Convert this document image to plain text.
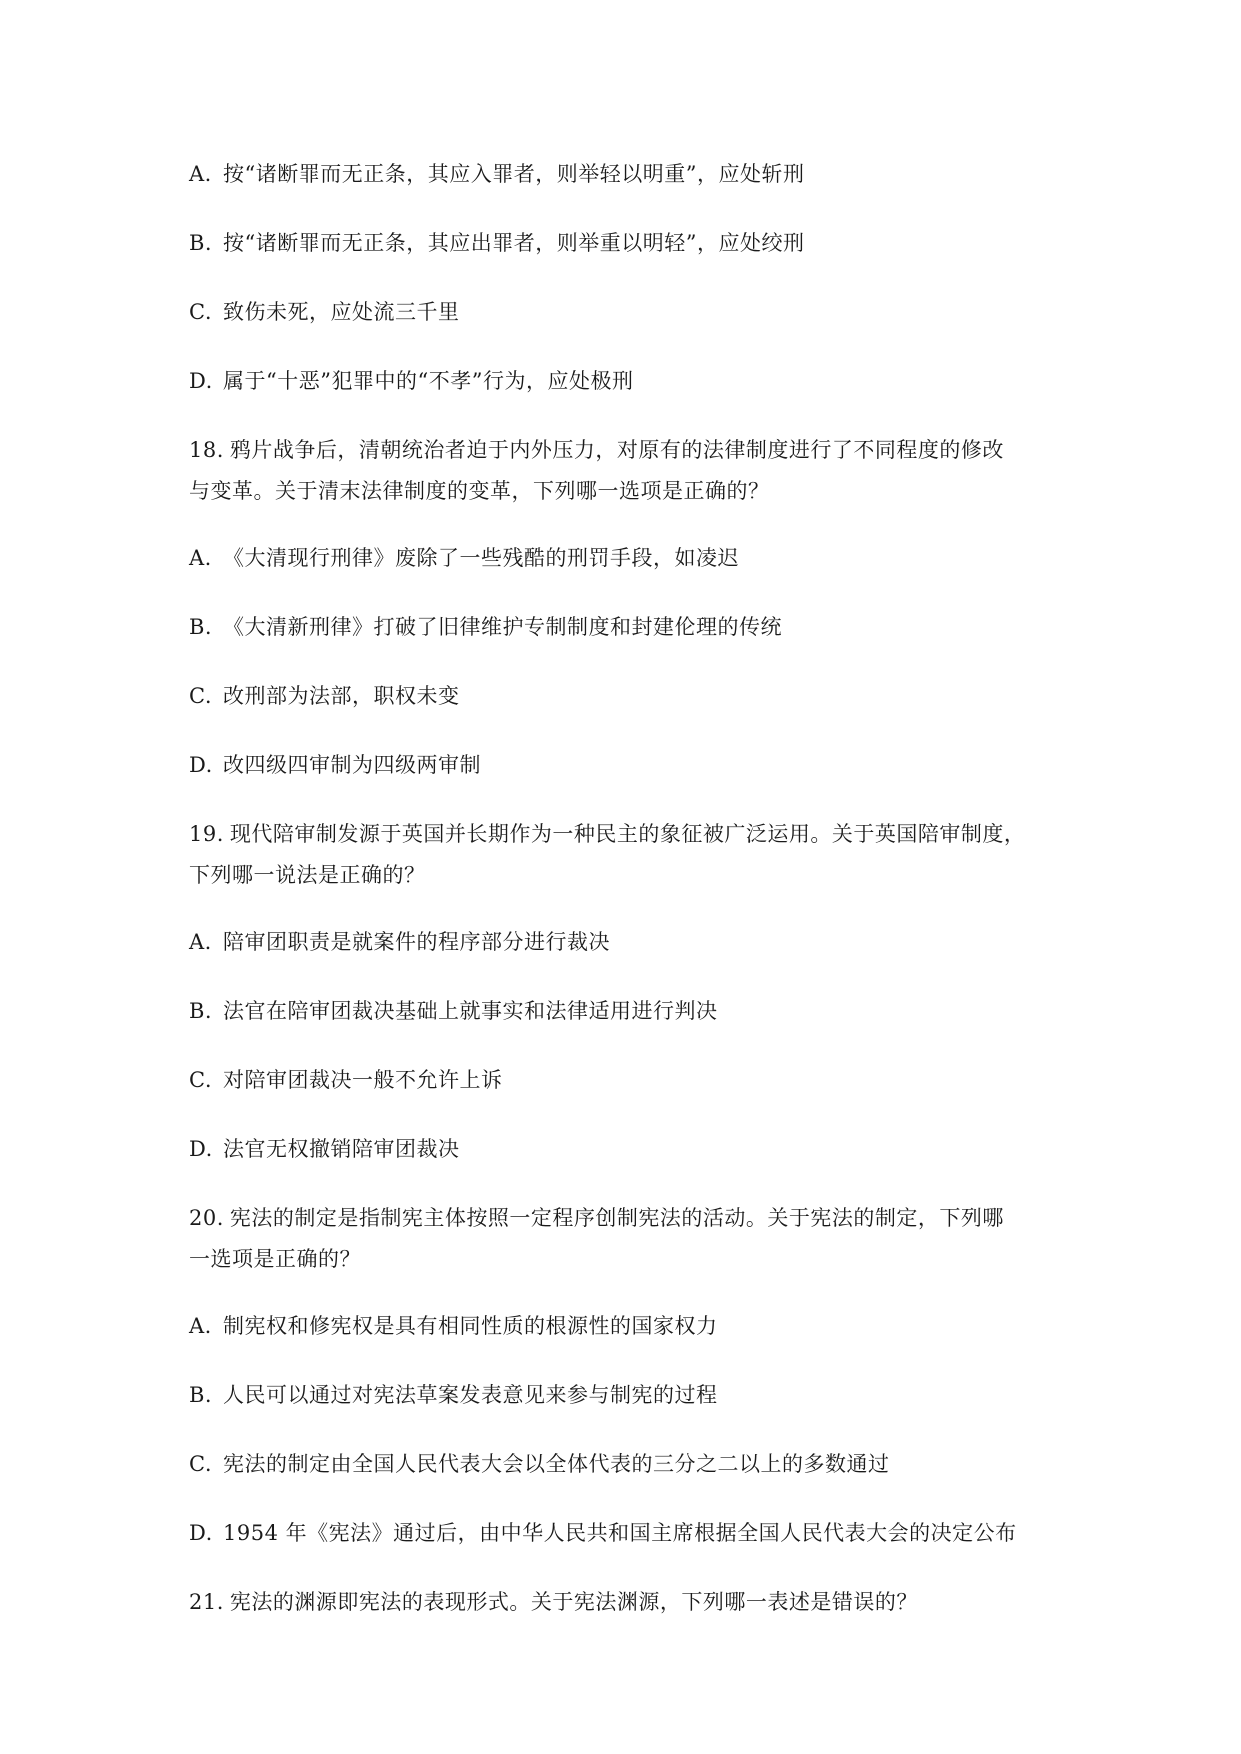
A. 按“诸断罪而无正条，其应入罪者，则举轻以明重”，应处斩刑
B. 按“诸断罪而无正条，其应出罪者，则举重以明轻”，应处绞刑
C. 致伤未死，应处流三千里
D. 属于“十恶”犯罪中的“不孝”行为，应处极刑
18. 鸦片战争后，清朝统治者迫于内外压力，对原有的法律制度进行了不同程度的修改
与变革。关于清末法律制度的变革，下列哪一选项是正确的？
A. 《大清现行刑律》废除了一些残酷的刑罚手段，如凌迟
B. 《大清新刑律》打破了旧律维护专制制度和封建伦理的传统
C. 改刑部为法部，职权未变
D. 改四级四审制为四级两审制
19. 现代陪审制发源于英国并长期作为一种民主的象征被广泛运用。关于英国陪审制度，
下列哪一说法是正确的？
A. 陪审团职责是就案件的程序部分进行裁决
B. 法官在陪审团裁决基础上就事实和法律适用进行判决
C. 对陪审团裁决一般不允许上诉
D. 法官无权撤销陪审团裁决
20. 宪法的制定是指制宪主体按照一定程序创制宪法的活动。关于宪法的制定，下列哪
一选项是正确的？
A. 制宪权和修宪权是具有相同性质的根源性的国家权力
B. 人民可以通过对宪法草案发表意见来参与制宪的过程
C. 宪法的制定由全国人民代表大会以全体代表的三分之二以上的多数通过
D. 1954 年《宪法》通过后，由中华人民共和国主席根据全国人民代表大会的决定公布
21. 宪法的渊源即宪法的表现形式。关于宪法渊源，下列哪一表述是错误的？
